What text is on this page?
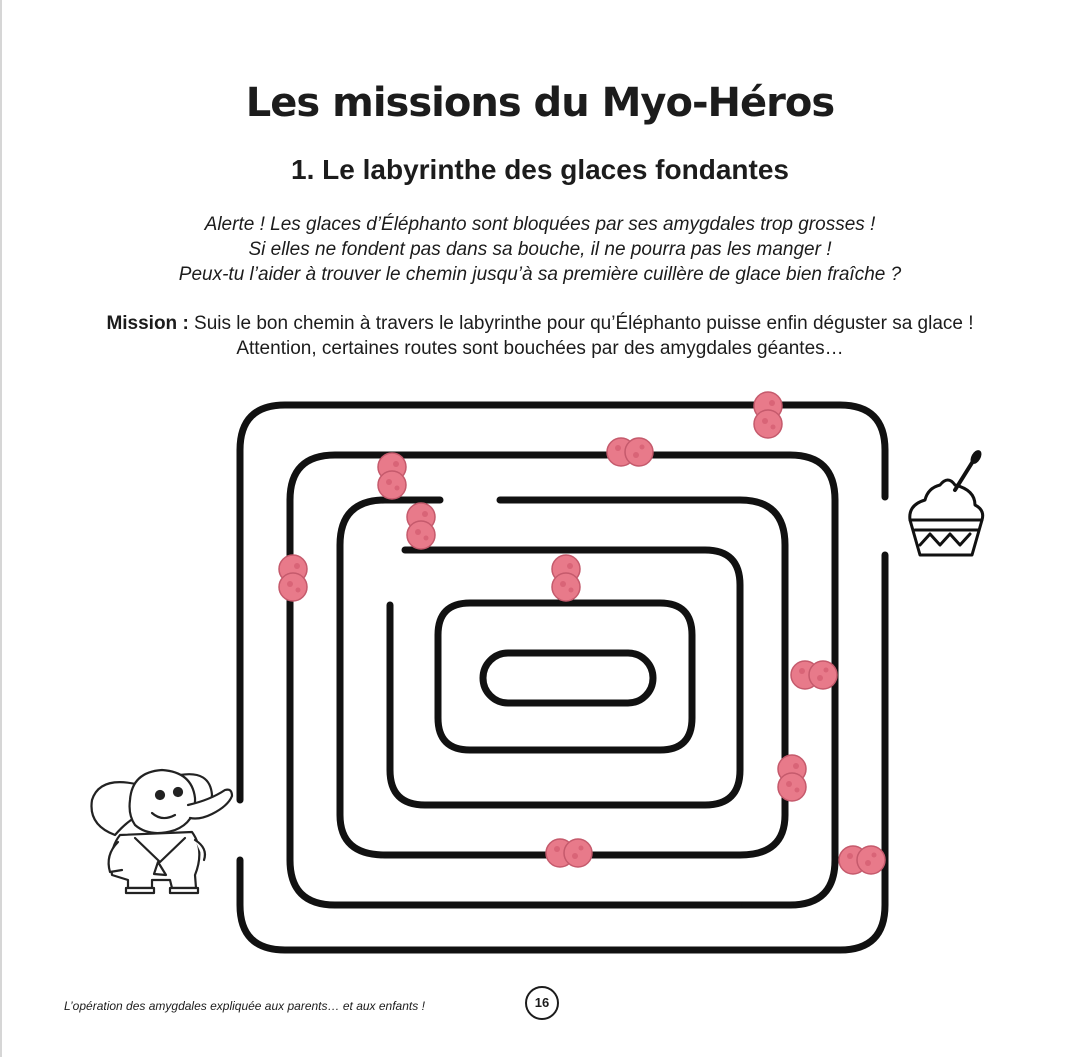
Les missions du Myo-Héros
1. Le labyrinthe des glaces fondantes
Alerte ! Les glaces d’Éléphanto sont bloquées par ses amygdales trop grosses !
Si elles ne fondent pas dans sa bouche, il ne pourra pas les manger !
Peux-tu l’aider à trouver le chemin jusqu’à sa première cuillère de glace bien fraîche ?
Mission : Suis le bon chemin à travers le labyrinthe pour qu’Éléphanto puisse enfin déguster sa glace !
Attention, certaines routes sont bouchées par des amygdales géantes…
L’opération des amygdales expliquée aux parents… et aux enfants !	16
